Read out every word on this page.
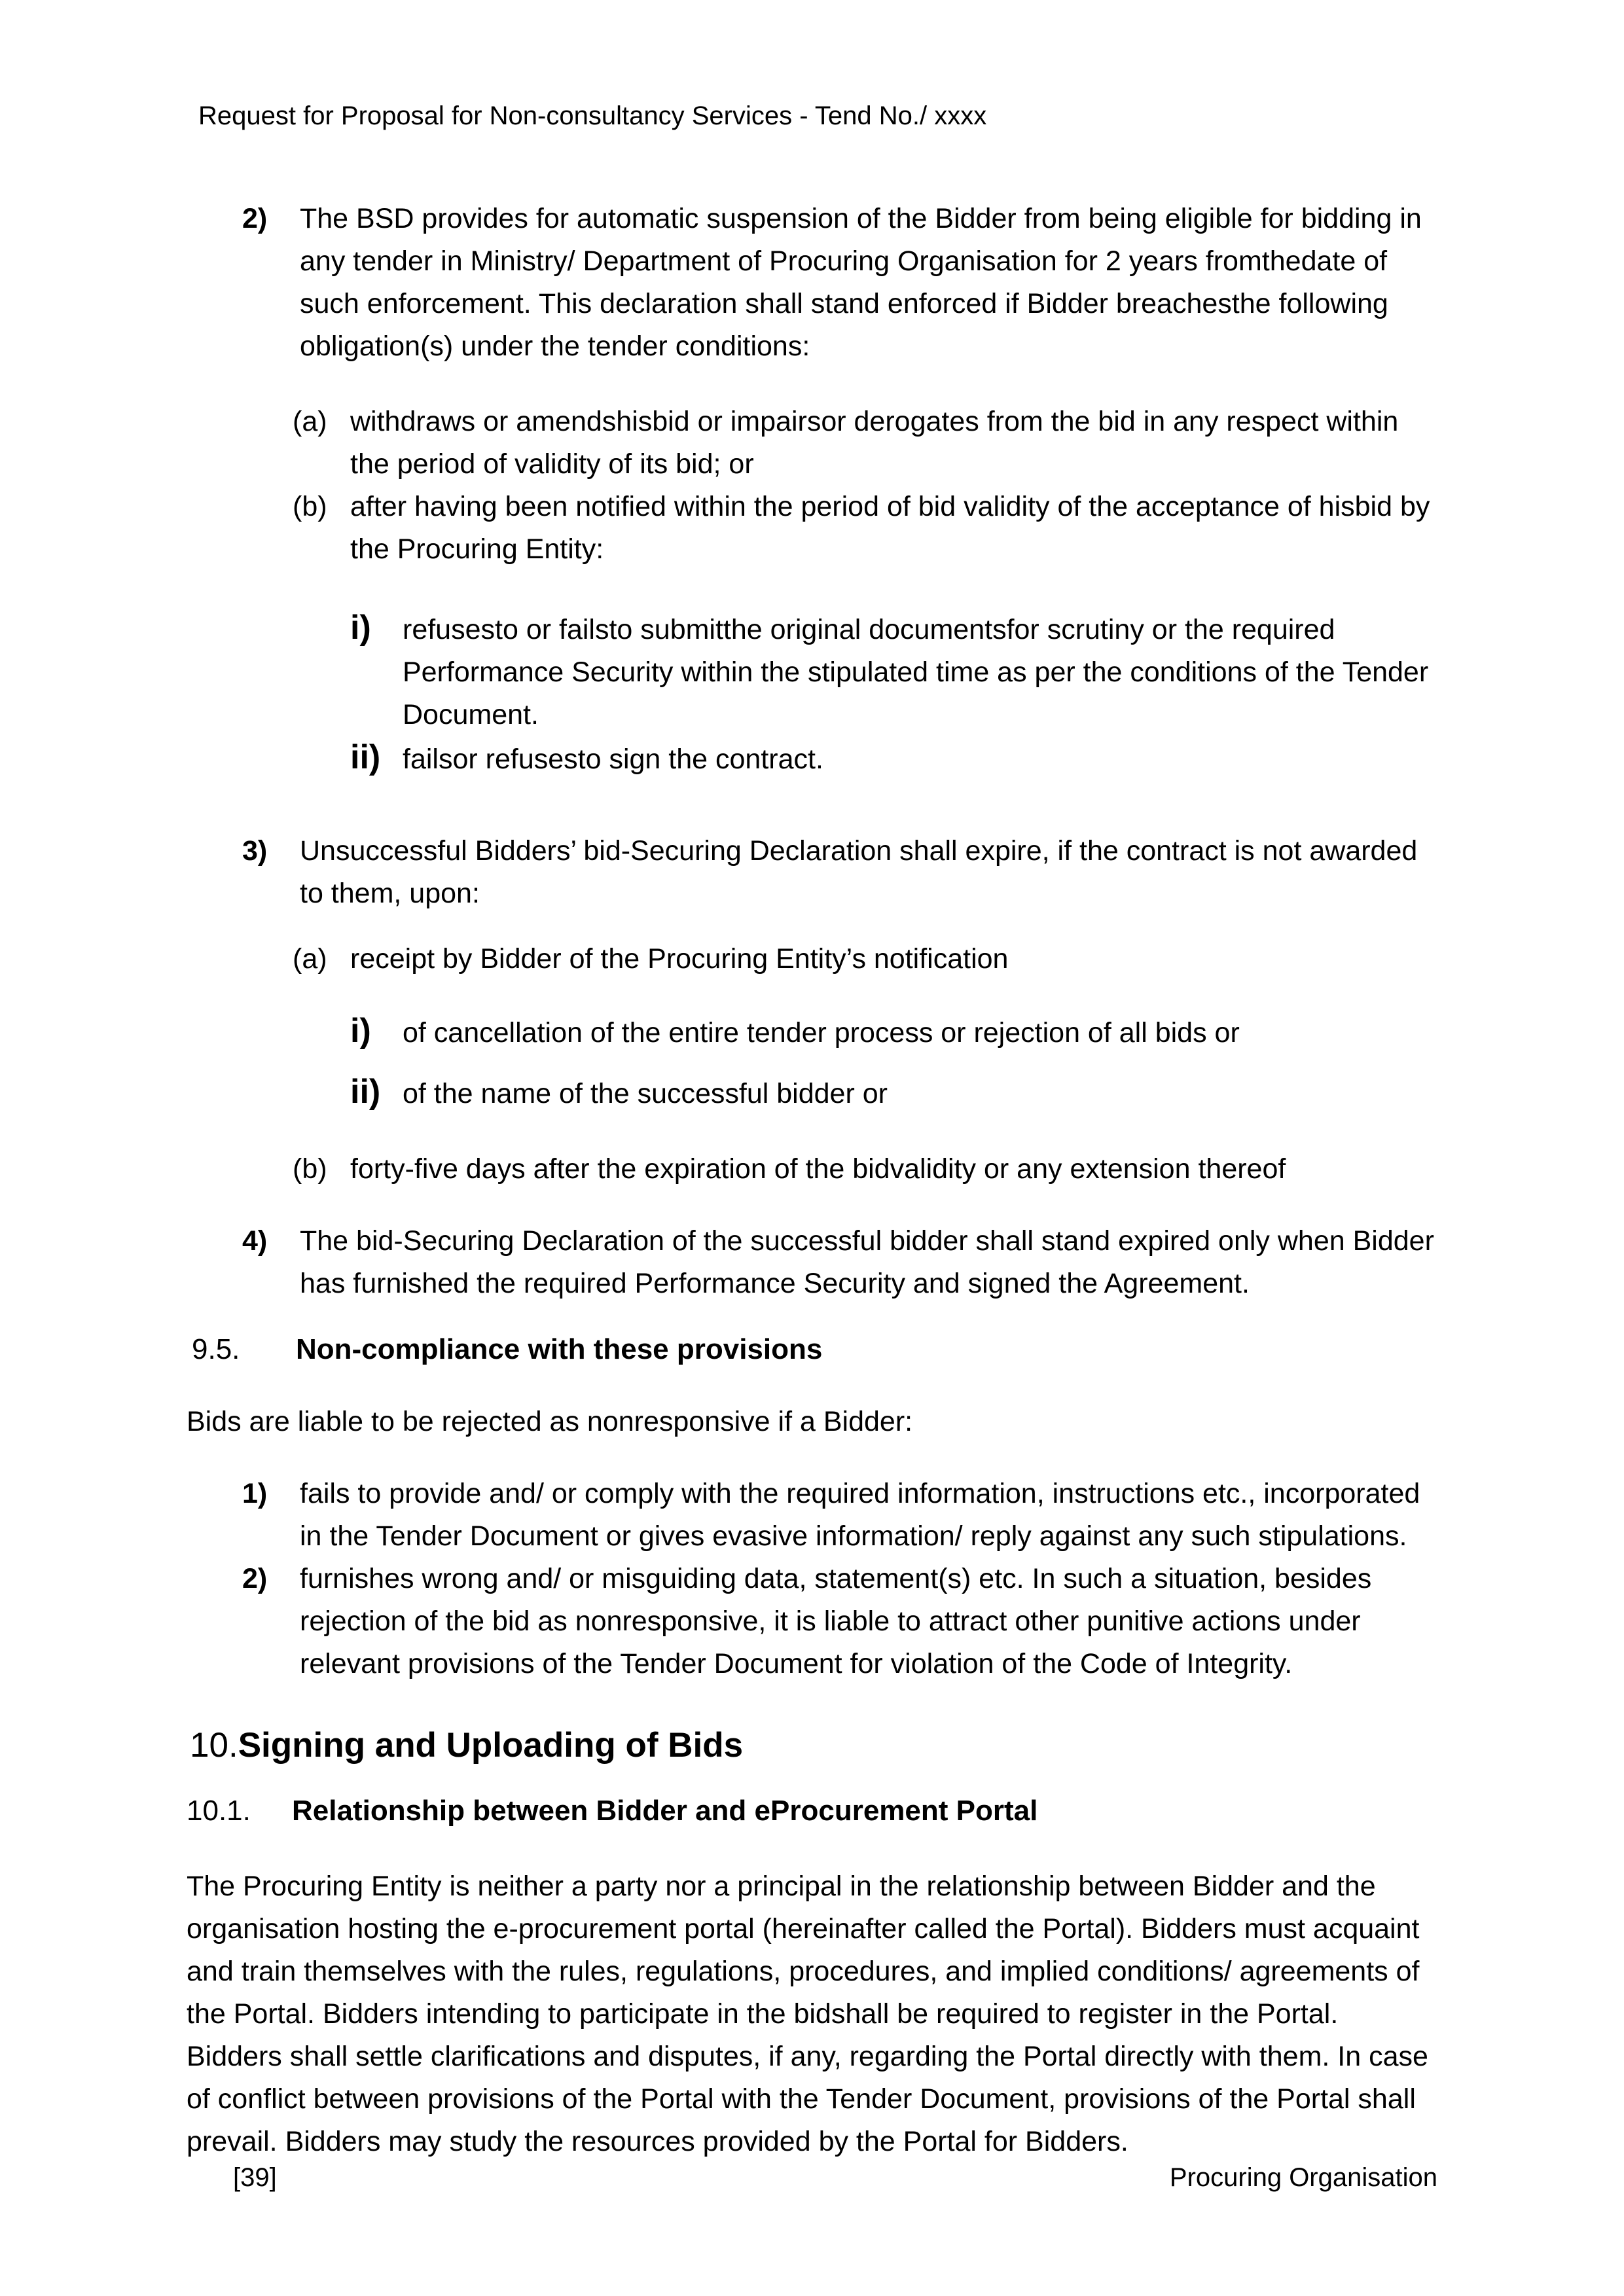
Request for Proposal for Non-consultancy Services - Tend No./ xxxx
2)	The BSD provides for automatic suspension of the Bidder from being eligible for bidding in any tender in Ministry/ Department of Procuring Organisation for 2 years fromthedate of such enforcement. This declaration shall stand enforced if Bidder breachesthe following obligation(s) under the tender conditions:
(a) withdraws or amendshisbid or impairsor derogates from the bid in any respect within the period of validity of its bid; or
(b) after having been notified within the period of bid validity of the acceptance of hisbid by the Procuring Entity:
i)	refusesto or failsto submitthe original documentsfor scrutiny or the required Performance Security within the stipulated time as per the conditions of the Tender Document.
ii) failsor refusesto sign the contract.
3)	Unsuccessful Bidders’ bid-Securing Declaration shall expire, if the contract is not awarded to them, upon:
(a) receipt by Bidder of the Procuring Entity’s notification
i)	of cancellation of the entire tender process or rejection of all bids or
ii) of the name of the successful bidder or
(b) forty-five days after the expiration of the bidvalidity or any extension thereof
4)	The bid-Securing Declaration of the successful bidder shall stand expired only when Bidder has furnished the required Performance Security and signed the Agreement.
9.5.	Non-compliance with these provisions
Bids are liable to be rejected as nonresponsive if a Bidder:
1)	fails to provide and/ or comply with the required information, instructions etc., incorporated in the Tender Document or gives evasive information/ reply against any such stipulations.
2)	furnishes wrong and/ or misguiding data, statement(s) etc. In such a situation, besides rejection of the bid as nonresponsive, it is liable to attract other punitive actions under relevant provisions of the Tender Document for violation of the Code of Integrity.
10.Signing and Uploading of Bids
10.1.	Relationship between Bidder and eProcurement Portal
The Procuring Entity is neither a party nor a principal in the relationship between Bidder and the organisation hosting the e-procurement portal (hereinafter called the Portal). Bidders must acquaint and train themselves with the rules, regulations, procedures, and implied conditions/ agreements of the Portal. Bidders intending to participate in the bidshall be required to register in the Portal. Bidders shall settle clarifications and disputes, if any, regarding the Portal directly with them. In case of conflict between provisions of the Portal with the Tender Document, provisions of the Portal shall prevail. Bidders may study the resources provided by the Portal for Bidders.
[39]	Procuring Organisation
